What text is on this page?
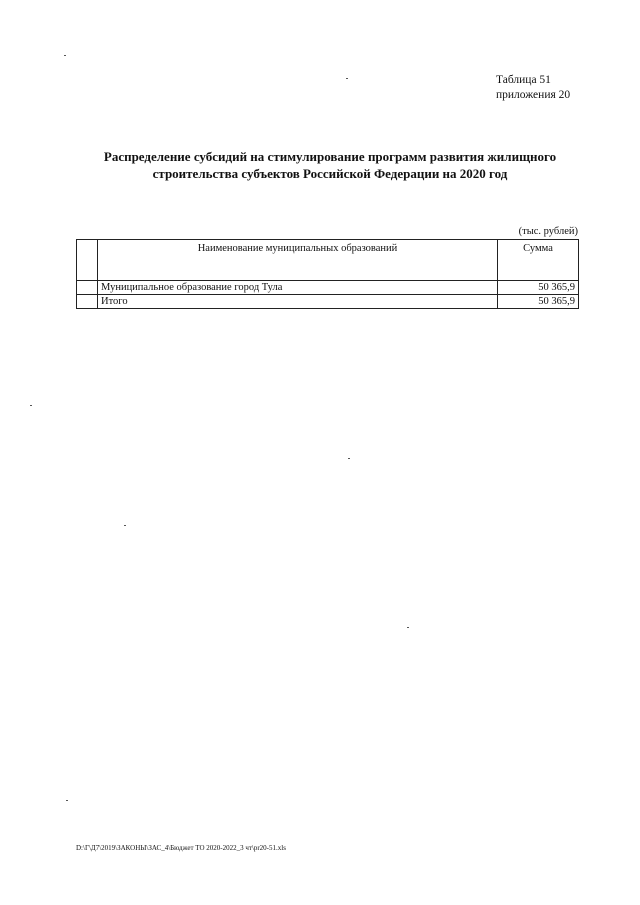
Таблица 51
приложения 20
Распределение субсидий на стимулирование программ развития жилищного
строительства субъектов Российской Федерации на 2020 год
(тыс. рублей)
	Наименование муниципальных образований	Сумма
	Муниципальное образование город Тула	50 365,9
	Итого	50 365,9
D:\Г\Д7\2019\ЗАКОНЫ\ЗАС_4\Бюджет ТО 2020-2022_3 чт\pr20-51.xls
